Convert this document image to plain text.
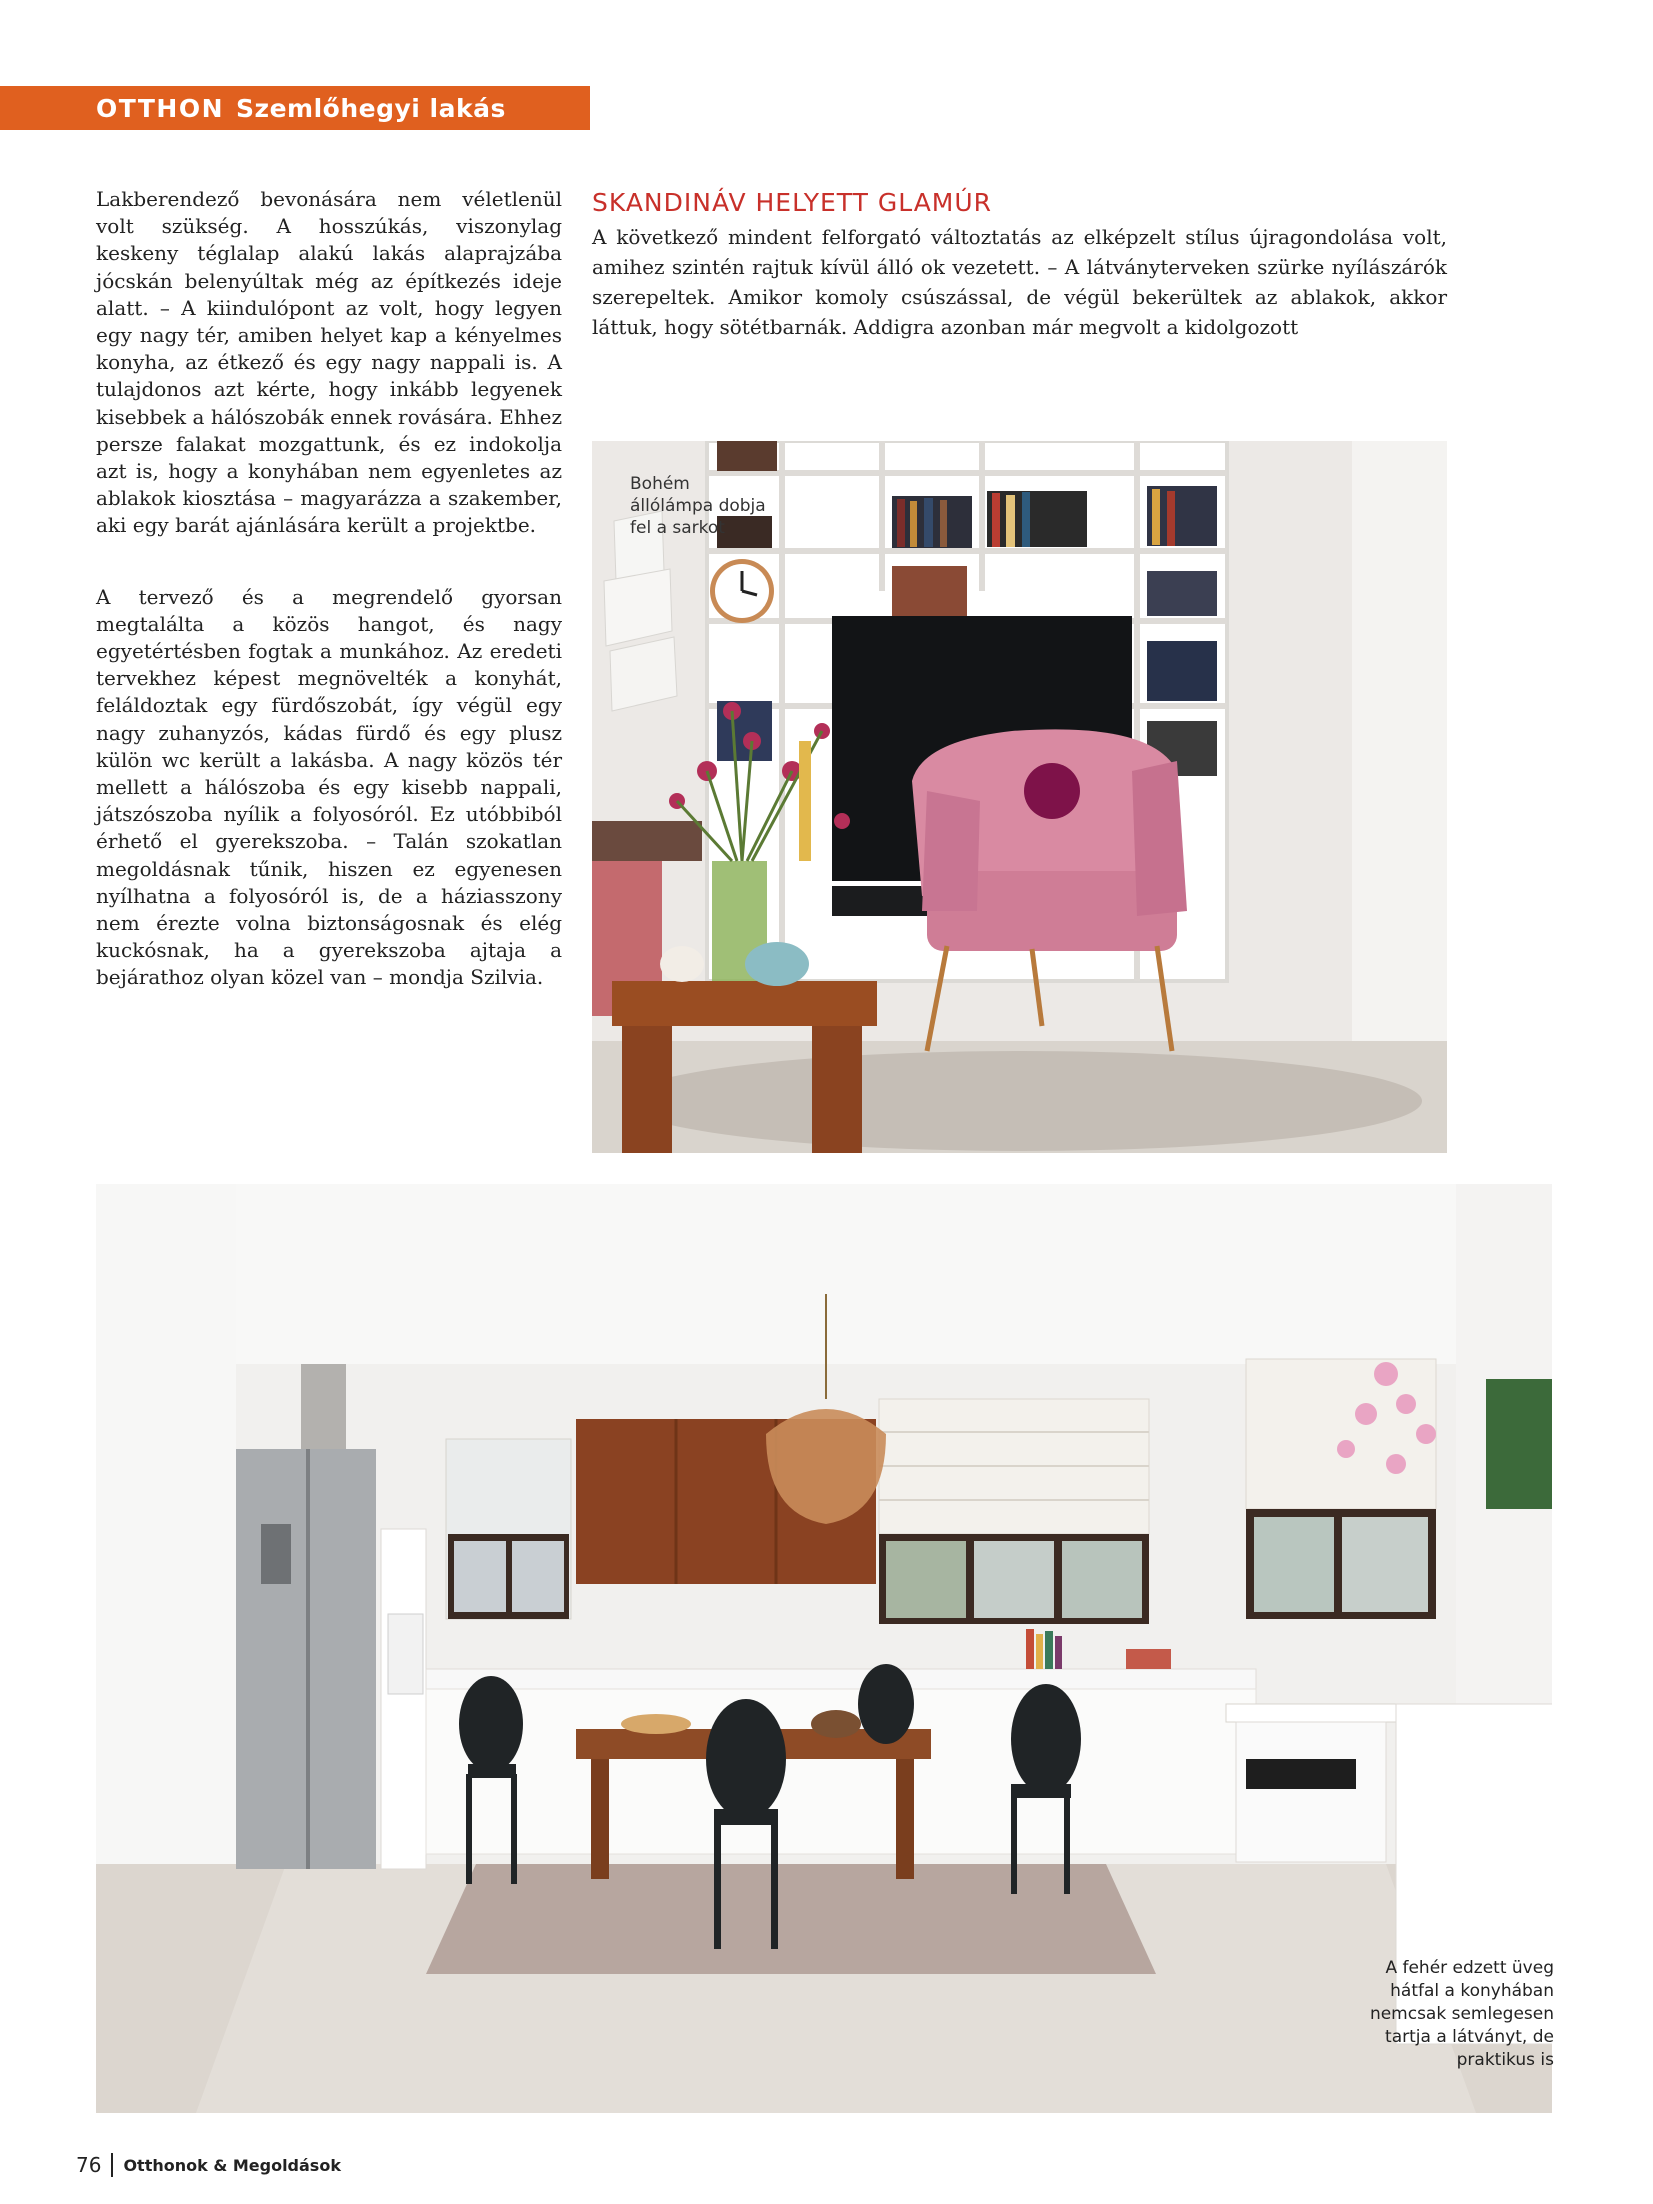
OTTHON Szemlőhegyi lakás

Lakberendező bevonására nem véletlenül volt szükség. A hosszúkás, viszonylag keskeny téglalap alakú lakás alaprajzába jócskán belenyúltak még az építkezés ideje alatt. – A kiindulópont az volt, hogy legyen egy nagy tér, amiben helyet kap a kényelmes konyha, az étkező és egy nagy nappali is. A tulajdonos azt kérte, hogy inkább legyenek kisebbek a hálószobák ennek rovására. Ehhez persze falakat mozgattunk, és ez indokolja azt is, hogy a konyhában nem egyenletes az ablakok kiosztása – magyarázza a szakember, aki egy barát ajánlására került a projektbe.

A tervező és a megrendelő gyorsan megtalálta a közös hangot, és nagy egyetértésben fogtak a munkához. Az eredeti tervekhez képest megnövelték a konyhát, feláldoztak egy fürdőszobát, így végül egy nagy zuhanyzós, kádas fürdő és egy plusz külön wc került a lakásba. A nagy közös tér mellett a hálószoba és egy kisebb nappali, játszószoba nyílik a folyosóról. Ez utóbbiból érhető el gyerekszoba. – Talán szokatlan megoldásnak tűnik, hiszen ez egyenesen nyílhatna a folyosóról is, de a háziasszony nem érezte volna biztonságosnak és elég kuckósnak, ha a gyerekszoba ajtaja a bejárathoz olyan közel van – mondja Szilvia.

SKANDINÁV HELYETT GLAMÚR

A következő mindent felforgató változtatás az elképzelt stílus újragondolása volt, amihez szintén rajtuk kívül álló ok vezetett. – A látványterveken szürke nyílászárók szerepeltek. Amikor komoly csúszással, de végül bekerültek az ablakok, akkor láttuk, hogy sötétbarnák. Addigra azonban már megvolt a kidolgozott

Bohém
állólámpa dobja
fel a sarkot
A fehér edzett üveg
hátfal a konyhában
nemcsak semlegesen
tartja a látványt, de
praktikus is
76 Otthonok & Megoldások
